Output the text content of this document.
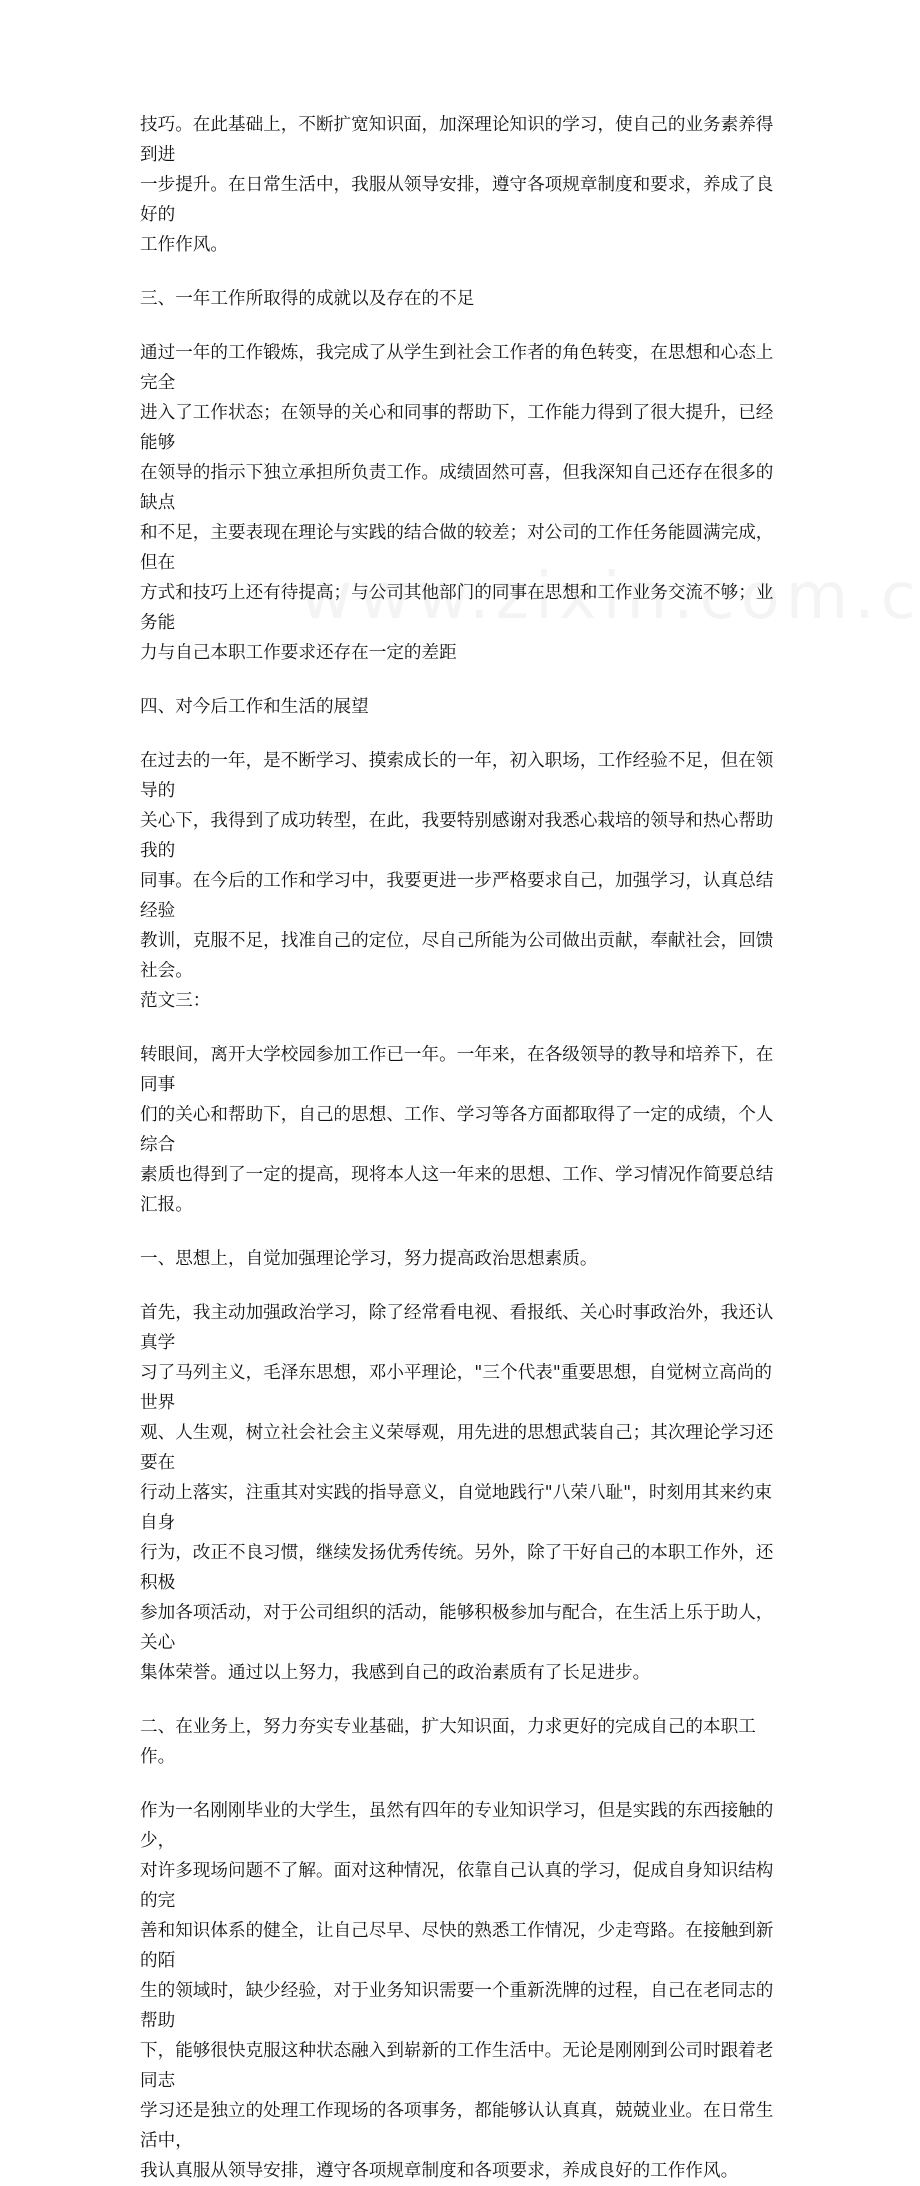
技巧。在此基础上，不断扩宽知识面，加深理论知识的学习，使自己的业务素养得到进
一步提升。在日常生活中，我服从领导安排，遵守各项规章制度和要求，养成了良好的
工作作风。

三、一年工作所取得的成就以及存在的不足

通过一年的工作锻炼，我完成了从学生到社会工作者的角色转变，在思想和心态上完全
进入了工作状态；在领导的关心和同事的帮助下，工作能力得到了很大提升，已经能够
在领导的指示下独立承担所负责工作。成绩固然可喜，但我深知自己还存在很多的缺点
和不足，主要表现在理论与实践的结合做的较差；对公司的工作任务能圆满完成，但在
方式和技巧上还有待提高；与公司其他部门的同事在思想和工作业务交流不够；业务能
力与自己本职工作要求还存在一定的差距

四、对今后工作和生活的展望

在过去的一年，是不断学习、摸索成长的一年，初入职场，工作经验不足，但在领导的
关心下，我得到了成功转型，在此，我要特别感谢对我悉心栽培的领导和热心帮助我的
同事。在今后的工作和学习中，我要更进一步严格要求自己，加强学习，认真总结经验
教训，克服不足，找准自己的定位，尽自己所能为公司做出贡献，奉献社会，回馈社会。
范文三：

转眼间，离开大学校园参加工作已一年。一年来，在各级领导的教导和培养下，在同事
们的关心和帮助下，自己的思想、工作、学习等各方面都取得了一定的成绩，个人综合
素质也得到了一定的提高，现将本人这一年来的思想、工作、学习情况作简要总结汇报。

一、思想上，自觉加强理论学习，努力提高政治思想素质。

首先，我主动加强政治学习，除了经常看电视、看报纸、关心时事政治外，我还认真学
习了马列主义，毛泽东思想，邓小平理论，"三个代表"重要思想，自觉树立高尚的世界
观、人生观，树立社会社会主义荣辱观，用先进的思想武装自己；其次理论学习还要在
行动上落实，注重其对实践的指导意义，自觉地践行"八荣八耻"，时刻用其来约束自身
行为，改正不良习惯，继续发扬优秀传统。另外，除了干好自己的本职工作外，还积极
参加各项活动，对于公司组织的活动，能够积极参加与配合，在生活上乐于助人，关心
集体荣誉。通过以上努力，我感到自己的政治素质有了长足进步。

二、在业务上，努力夯实专业基础，扩大知识面，力求更好的完成自己的本职工作。

作为一名刚刚毕业的大学生，虽然有四年的专业知识学习，但是实践的东西接触的少，
对许多现场问题不了解。面对这种情况，依靠自己认真的学习，促成自身知识结构的完
善和知识体系的健全，让自己尽早、尽快的熟悉工作情况，少走弯路。在接触到新的陌
生的领域时，缺少经验，对于业务知识需要一个重新洗牌的过程，自己在老同志的帮助
下，能够很快克服这种状态融入到崭新的工作生活中。无论是刚刚到公司时跟着老同志
学习还是独立的处理工作现场的各项事务，都能够认认真真，兢兢业业。在日常生活中，
我认真服从领导安排，遵守各项规章制度和各项要求，养成良好的工作作风。
